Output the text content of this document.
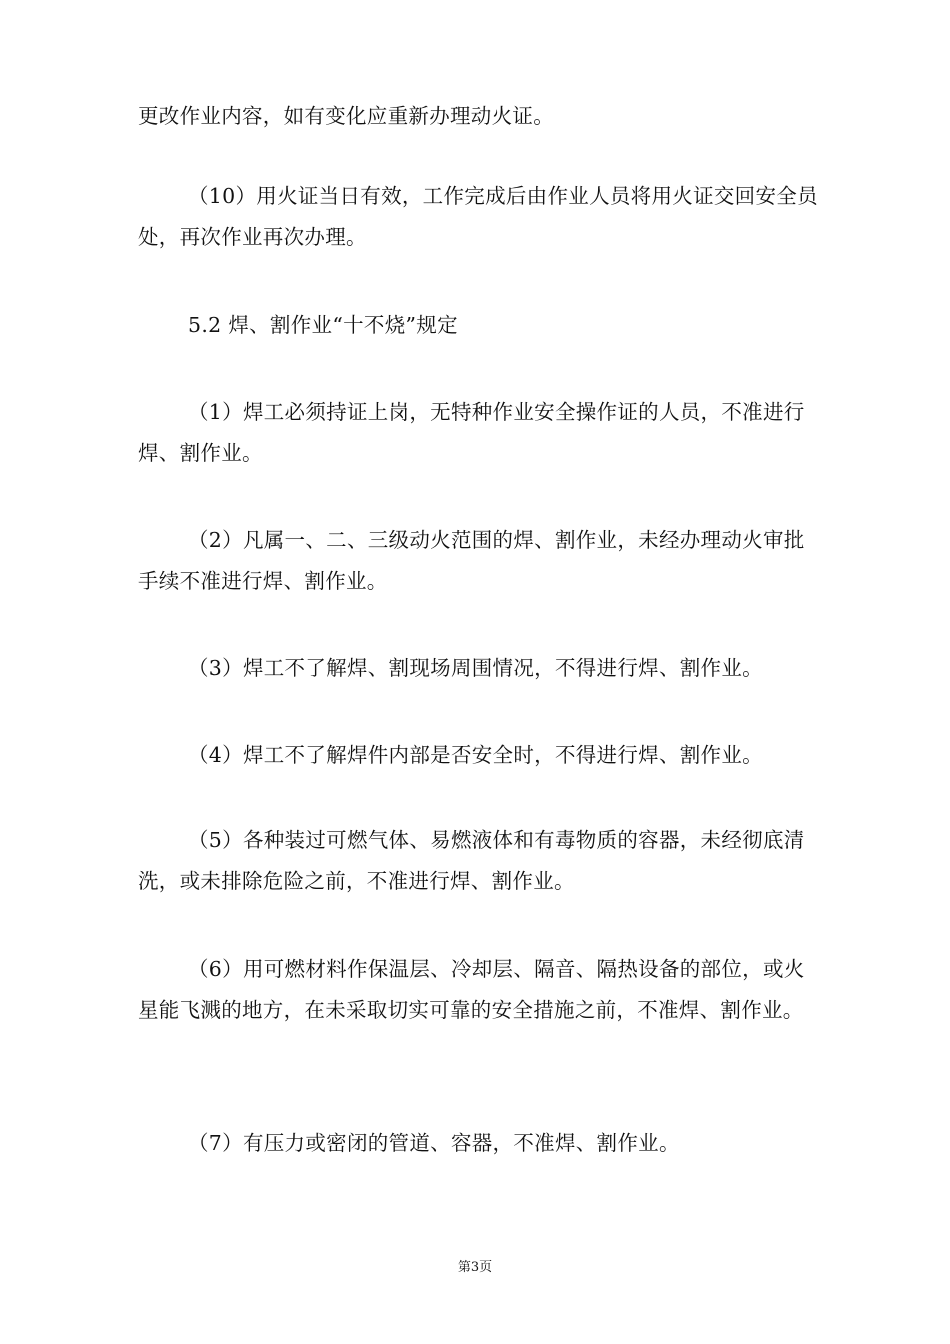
更改作业内容，如有变化应重新办理动火证。

（10）用火证当日有效，工作完成后由作业人员将用火证交回安全员处，再次作业再次办理。

5.2 焊、割作业“十不烧”规定

（1）焊工必须持证上岗，无特种作业安全操作证的人员，不准进行焊、割作业。

（2）凡属一、二、三级动火范围的焊、割作业，未经办理动火审批手续不准进行焊、割作业。

（3）焊工不了解焊、割现场周围情况，不得进行焊、割作业。

（4）焊工不了解焊件内部是否安全时，不得进行焊、割作业。

（5）各种装过可燃气体、易燃液体和有毒物质的容器，未经彻底清洗，或未排除危险之前，不准进行焊、割作业。

（6）用可燃材料作保温层、冷却层、隔音、隔热设备的部位，或火星能飞溅的地方，在未采取切实可靠的安全措施之前，不准焊、割作业。

（7）有压力或密闭的管道、容器，不准焊、割作业。

第3页
